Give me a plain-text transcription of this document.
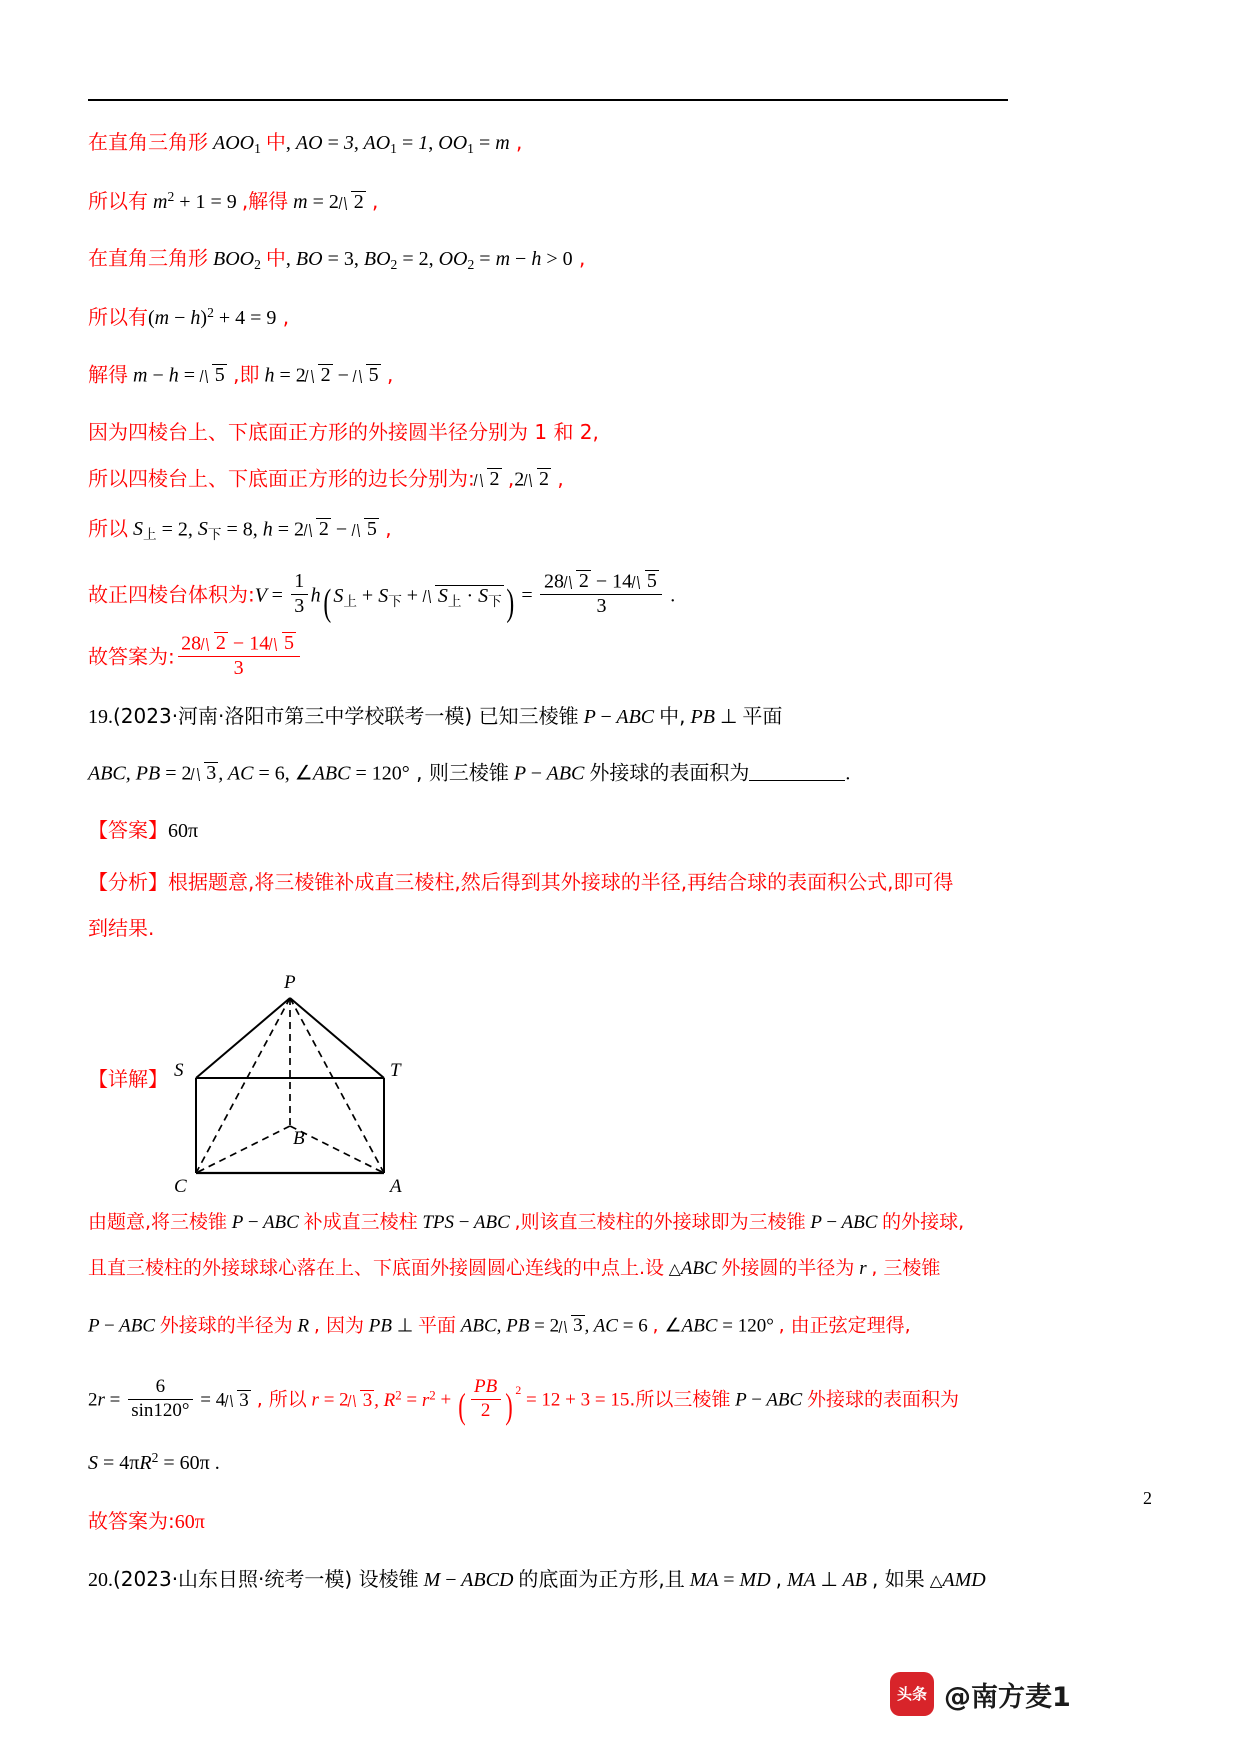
在直角三角形 AOO1 中, AO = 3, AO1 = 1, OO1 = m ,
所以有 $m^2 + 1 = 9$ ,解得 m = 2 2 ,
在直角三角形 BOO2 中, BO = 3, BO2 = 2, OO2 = m − h > 0 ,
所以有$(m - h)^2 + 4 = 9$ ,
解得 m − h = 5 ,即 h = 2 2 − 5 ,
因为四棱台上、下底面正方形的外接圆半径分别为 1 和 2,
所以四棱台上、下底面正方形的边长分别为: 2 ,2 2 ,
所以 S上 = 2, S下 = 8, h = 2 2 − 5 ,
故正四棱台体积为:V = $\frac{1}{3} h$( S上 + S下 + S上 · S下 ) = $\frac{28 2 - 14 5}{3}$ .
故答案为: $\frac{28 2 - 14 5}{3}$
19.(2023·河南·洛阳市第三中学校联考一模) 已知三棱锥 P − ABC 中, PB ⊥ 平面
ABC, PB = 2 3 , AC = 6, ∠ABC = 120° , 则三棱锥 P − ABC 外接球的表面积为	.
【答案】60π
【分析】根据题意,将三棱锥补成直三棱柱,然后得到其外接球的半径,再结合球的表面积公式,即可得
到结果.
【详解】
P
S	T
B
C	A
由题意,将三棱锥 P − ABC 补成直三棱柱 TPS − ABC ,则该直三棱柱的外接球即为三棱锥 P − ABC 的外接球,
且直三棱柱的外接球球心落在上、下底面外接圆圆心连线的中点上.设 △ABC 外接圆的半径为 r , 三棱锥
P − ABC 外接球的半径为 R , 因为 PB ⊥ 平面 ABC, PB = 2 3, AC = 6 , ∠ABC = 120° , 由正弦定理得,
$2r = \frac{6}{\sin 120^\circ} = 4$ 3 , 所以 r = 2 3, $R^2 = r^2$ + ( $\frac{PB}{2}$ ) $^2$ = 12 + 3 = 15.所以三棱锥 P − ABC 外接球的表面积为
$S = 4\pi R^2 = 60\pi$ .
故答案为:60π
20.(2023·山东日照·统考一模) 设棱锥 M − ABCD 的底面为正方形,且 MA = MD , MA ⊥ AB , 如果 △AMD
2
头条 @南方麦1
